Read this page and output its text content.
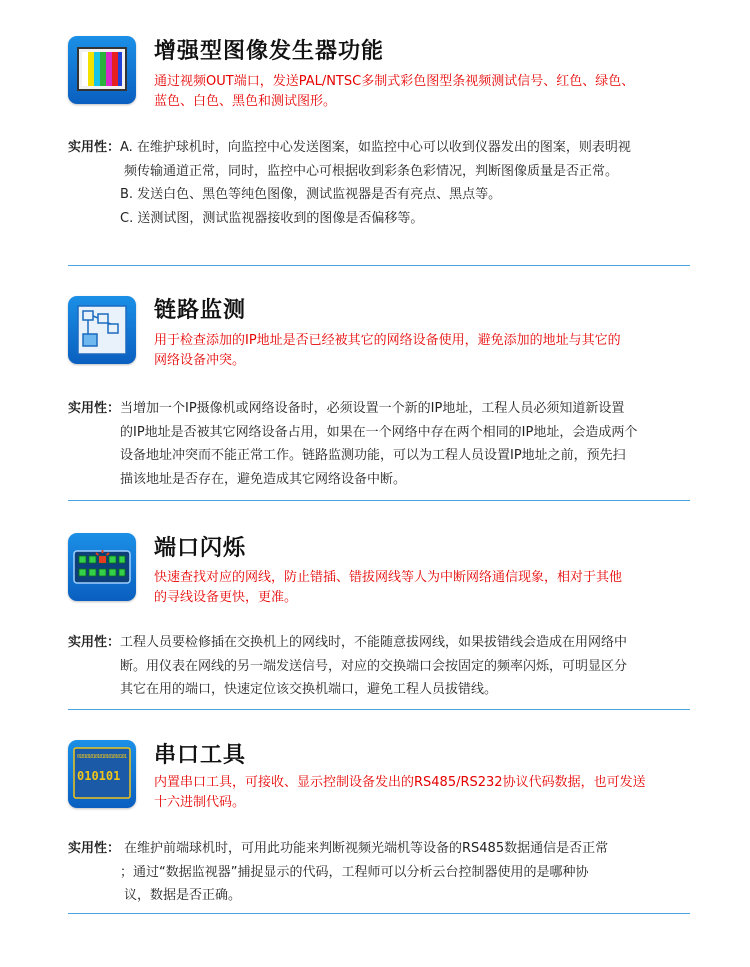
增强型图像发生器功能
通过视频OUT端口，发送PAL/NTSC多制式彩色图型条视频测试信号、红色、绿色、
蓝色、白色、黑色和测试图形。
实用性： A. 在维护球机时，向监控中心发送图案，如监控中心可以收到仪器发出的图案，则表明视
频传输通道正常，同时，监控中心可根据收到彩条色彩情况，判断图像质量是否正常。
B. 发送白色、黑色等纯色图像，测试监视器是否有亮点、黑点等。
C. 送测试图，测试监视器接收到的图像是否偏移等。
链路监测
用于检查添加的IP地址是否已经被其它的网络设备使用，避免添加的地址与其它的
网络设备冲突。
实用性： 当增加一个IP摄像机或网络设备时，必须设置一个新的IP地址，工程人员必须知道新设置
的IP地址是否被其它网络设备占用，如果在一个网络中存在两个相同的IP地址，会造成两个
设备地址冲突而不能正常工作。链路监测功能，可以为工程人员设置IP地址之前，预先扫
描该地址是否存在，避免造成其它网络设备中断。
端口闪烁
快速查找对应的网线，防止错插、错拔网线等人为中断网络通信现象，相对于其他
的寻线设备更快，更准。
实用性： 工程人员要检修插在交换机上的网线时，不能随意拔网线，如果拔错线会造成在用网络中
断。用仪表在网线的另一端发送信号，对应的交换端口会按固定的频率闪烁，可明显区分
其它在用的端口，快速定位该交换机端口，避免工程人员拔错线。
0101010101010101010101
010101
串口工具
内置串口工具，可接收、显示控制设备发出的RS485/RS232协议代码数据，也可发送
十六进制代码。
实用性： 在维护前端球机时，可用此功能来判断视频光端机等设备的RS485数据通信是否正常
；通过“数据监视器”捕捉显示的代码，工程师可以分析云台控制器使用的是哪种协
议，数据是否正确。
